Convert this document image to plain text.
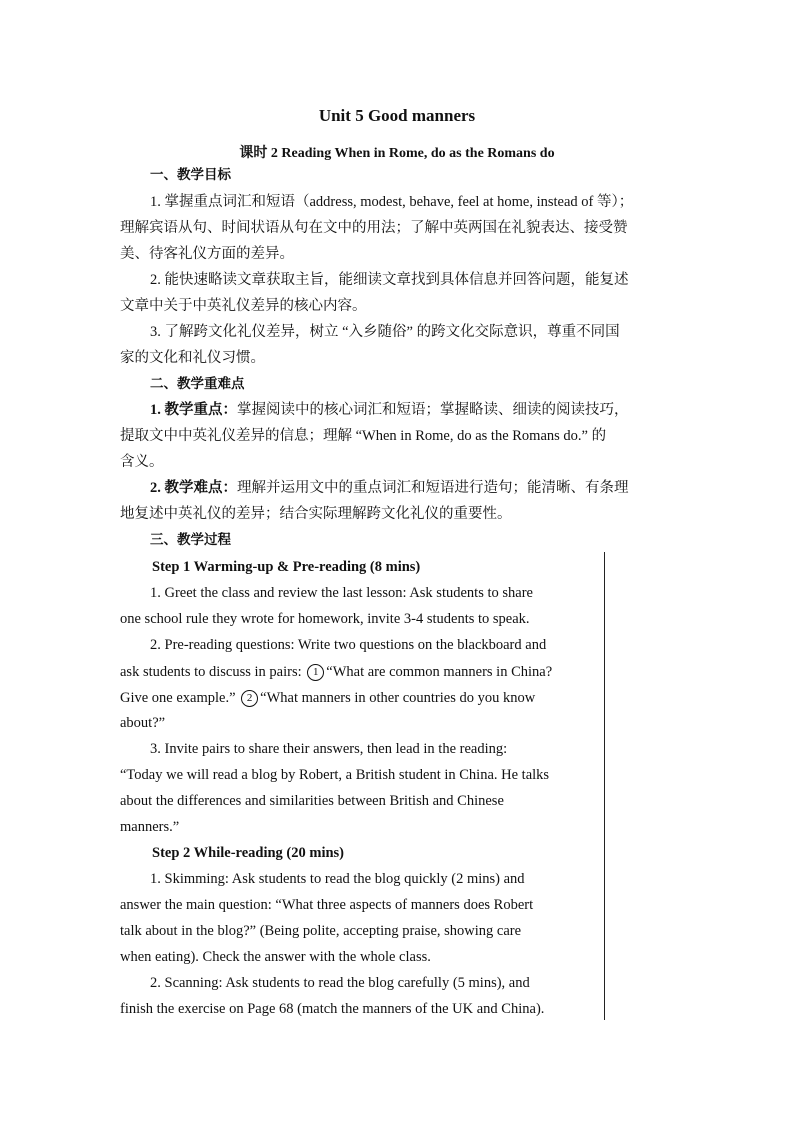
Unit 5 Good manners
课时 2 Reading When in Rome, do as the Romans do
一、教学目标
1. 掌握重点词汇和短语（address, modest, behave, feel at home, instead of 等）；
理解宾语从句、时间状语从句在文中的用法；了解中英两国在礼貌表达、接受赞
美、待客礼仪方面的差异。
2. 能快速略读文章获取主旨，能细读文章找到具体信息并回答问题，能复述
文章中关于中英礼仪差异的核心内容。
3. 了解跨文化礼仪差异，树立 “入乡随俗” 的跨文化交际意识，尊重不同国
家的文化和礼仪习惯。
二、教学重难点
1. 教学重点：掌握阅读中的核心词汇和短语；掌握略读、细读的阅读技巧，
提取文中中英礼仪差异的信息；理解 “When in Rome, do as the Romans do.” 的
含义。
2. 教学难点：理解并运用文中的重点词汇和短语进行造句；能清晰、有条理
地复述中英礼仪的差异；结合实际理解跨文化礼仪的重要性。
三、教学过程
Step 1 Warming-up & Pre-reading (8 mins)
1. Greet the class and review the last lesson: Ask students to share
one school rule they wrote for homework, invite 3-4 students to speak.
2. Pre-reading questions: Write two questions on the blackboard and
ask students to discuss in pairs: 1 “What are common manners in China?
Give one example.” 2 “What manners in other countries do you know
about?”
3. Invite pairs to share their answers, then lead in the reading:
“Today we will read a blog by Robert, a British student in China. He talks
about the differences and similarities between British and Chinese
manners.”
Step 2 While-reading (20 mins)
1. Skimming: Ask students to read the blog quickly (2 mins) and
answer the main question: “What three aspects of manners does Robert
talk about in the blog?” (Being polite, accepting praise, showing care
when eating). Check the answer with the whole class.
2. Scanning: Ask students to read the blog carefully (5 mins), and
finish the exercise on Page 68 (match the manners of the UK and China).
